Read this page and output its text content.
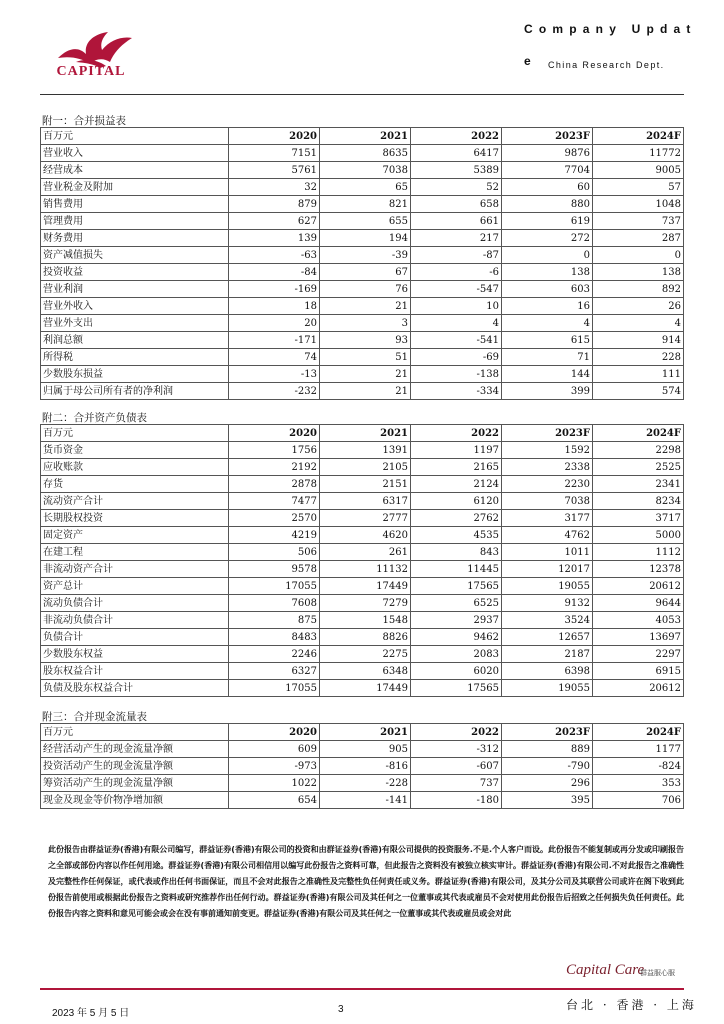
CAPITAL
Company Updat
e China Research Dept.
附一：合并损益表
百万元	2020	2021	2022	2023F	2024F
营业收入	7151	8635	6417	9876	11772
经营成本	5761	7038	5389	7704	9005
营业税金及附加	32	65	52	60	57
销售费用	879	821	658	880	1048
管理费用	627	655	661	619	737
财务费用	139	194	217	272	287
资产减值损失	-63	-39	-87	0	0
投资收益	-84	67	-6	138	138
营业利润	-169	76	-547	603	892
营业外收入	18	21	10	16	26
营业外支出	20	3	4	4	4
利润总额	-171	93	-541	615	914
所得税	74	51	-69	71	228
少数股东损益	-13	21	-138	144	111
归属于母公司所有者的净利润	-232	21	-334	399	574
附二：合并资产负债表
百万元	2020	2021	2022	2023F	2024F
货币资金	1756	1391	1197	1592	2298
应收账款	2192	2105	2165	2338	2525
存货	2878	2151	2124	2230	2341
流动资产合计	7477	6317	6120	7038	8234
长期股权投资	2570	2777	2762	3177	3717
固定资产	4219	4620	4535	4762	5000
在建工程	506	261	843	1011	1112
非流动资产合计	9578	11132	11445	12017	12378
资产总计	17055	17449	17565	19055	20612
流动负债合计	7608	7279	6525	9132	9644
非流动负债合计	875	1548	2937	3524	4053
负债合计	8483	8826	9462	12657	13697
少数股东权益	2246	2275	2083	2187	2297
股东权益合计	6327	6348	6020	6398	6915
负债及股东权益合计	17055	17449	17565	19055	20612
附三：合并现金流量表
百万元	2020	2021	2022	2023F	2024F
经营活动产生的现金流量净额	609	905	-312	889	1177
投资活动产生的现金流量净额	-973	-816	-607	-790	-824
筹资活动产生的现金流量净额	1022	-228	737	296	353
现金及现金等价物净增加额	654	-141	-180	395	706
此份报告由群益证券(香港)有限公司编写，群益证券(香港)有限公司的投资和由群证益券(香港)有限公司提供的投资服务.不是.个人客户而设。此份报告不能复制或再分发或印刷报告之全部或部份内容以作任何用途。群益证券(香港)有限公司相信用以编写此份报告之资料可靠，但此报告之资料没有被独立核实审计。群益证券(香港)有限公司.不对此报告之准确性及完整性作任何保证，或代表或作出任何书面保证，而且不会对此报告之准确性及完整性负任何责任或义务。群益证券(香港)有限公司，及其分公司及其联营公司或许在阁下收到此份报告前使用或根据此份报告之资料或研究推荐作出任何行动。群益证券(香港)有限公司及其任何之一位董事或其代表或雇员不会对使用此份报告后招致之任何损失负任何责任。此份报告内容之资料和意见可能会或会在没有事前通知前变更。群益证券(香港)有限公司及其任何之一位董事或其代表或雇员或会对此
Capital Care
群益服心服
台北 · 香港 · 上海
2023 年 5 月 5 日	3
